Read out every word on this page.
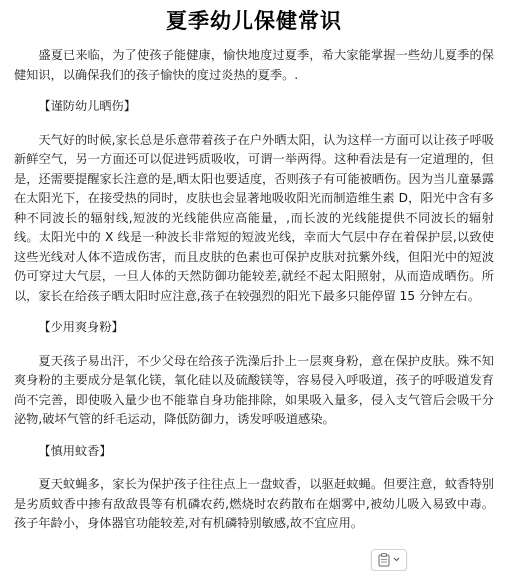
夏季幼儿保健常识

盛夏已来临，为了使孩子能健康，愉快地度过夏季，希大家能掌握一些幼儿夏季的保健知识，以确保我们的孩子愉快的度过炎热的夏季。.

【谨防幼儿晒伤】

天气好的时候,家长总是乐意带着孩子在户外晒太阳，认为这样一方面可以让孩子呼吸新鲜空气，另一方面还可以促进钙质吸收，可谓一举两得。这种看法是有一定道理的，但是，还需要提醒家长注意的是,晒太阳也要适度，否则孩子有可能被晒伤。因为当儿童暴露在太阳光下，在接受热的同时，皮肤也会显著地吸收阳光而制造维生素 D，阳光中含有多种不同波长的辐射线,短波的光线能供应高能量，,而长波的光线能提供不同波长的辐射线。太阳光中的 X 线是一种波长非常短的短波光线，幸而大气层中存在着保护层,以致使这些光线对人体不造成伤害，而且皮肤的色素也可保护皮肤对抗紫外线，但阳光中的短波仍可穿过大气层，一旦人体的天然防御功能较差,就经不起太阳照射，从而造成晒伤。所以，家长在给孩子晒太阳时应注意,孩子在较强烈的阳光下最多只能停留 15 分钟左右。

【少用爽身粉】

夏天孩子易出汗，不少父母在给孩子洗澡后扑上一层爽身粉，意在保护皮肤。殊不知爽身粉的主要成分是氧化镁，氧化硅以及硫酸镁等，容易侵入呼吸道，孩子的呼吸道发育尚不完善，即使吸入量少也不能靠自身功能排除，如果吸入量多，侵入支气管后会吸干分泌物,破坏气管的纤毛运动，降低防御力，诱发呼吸道感染。

【慎用蚊香】

夏天蚊蝇多，家长为保护孩子往往点上一盘蚊香，以驱赶蚊蝇。但要注意，蚊香特别是劣质蚊香中掺有敌敌畏等有机磷农药,燃烧时农药散布在烟雾中,被幼儿吸入易致中毒。孩子年龄小，身体器官功能较差,对有机磷特别敏感,故不宜应用。
